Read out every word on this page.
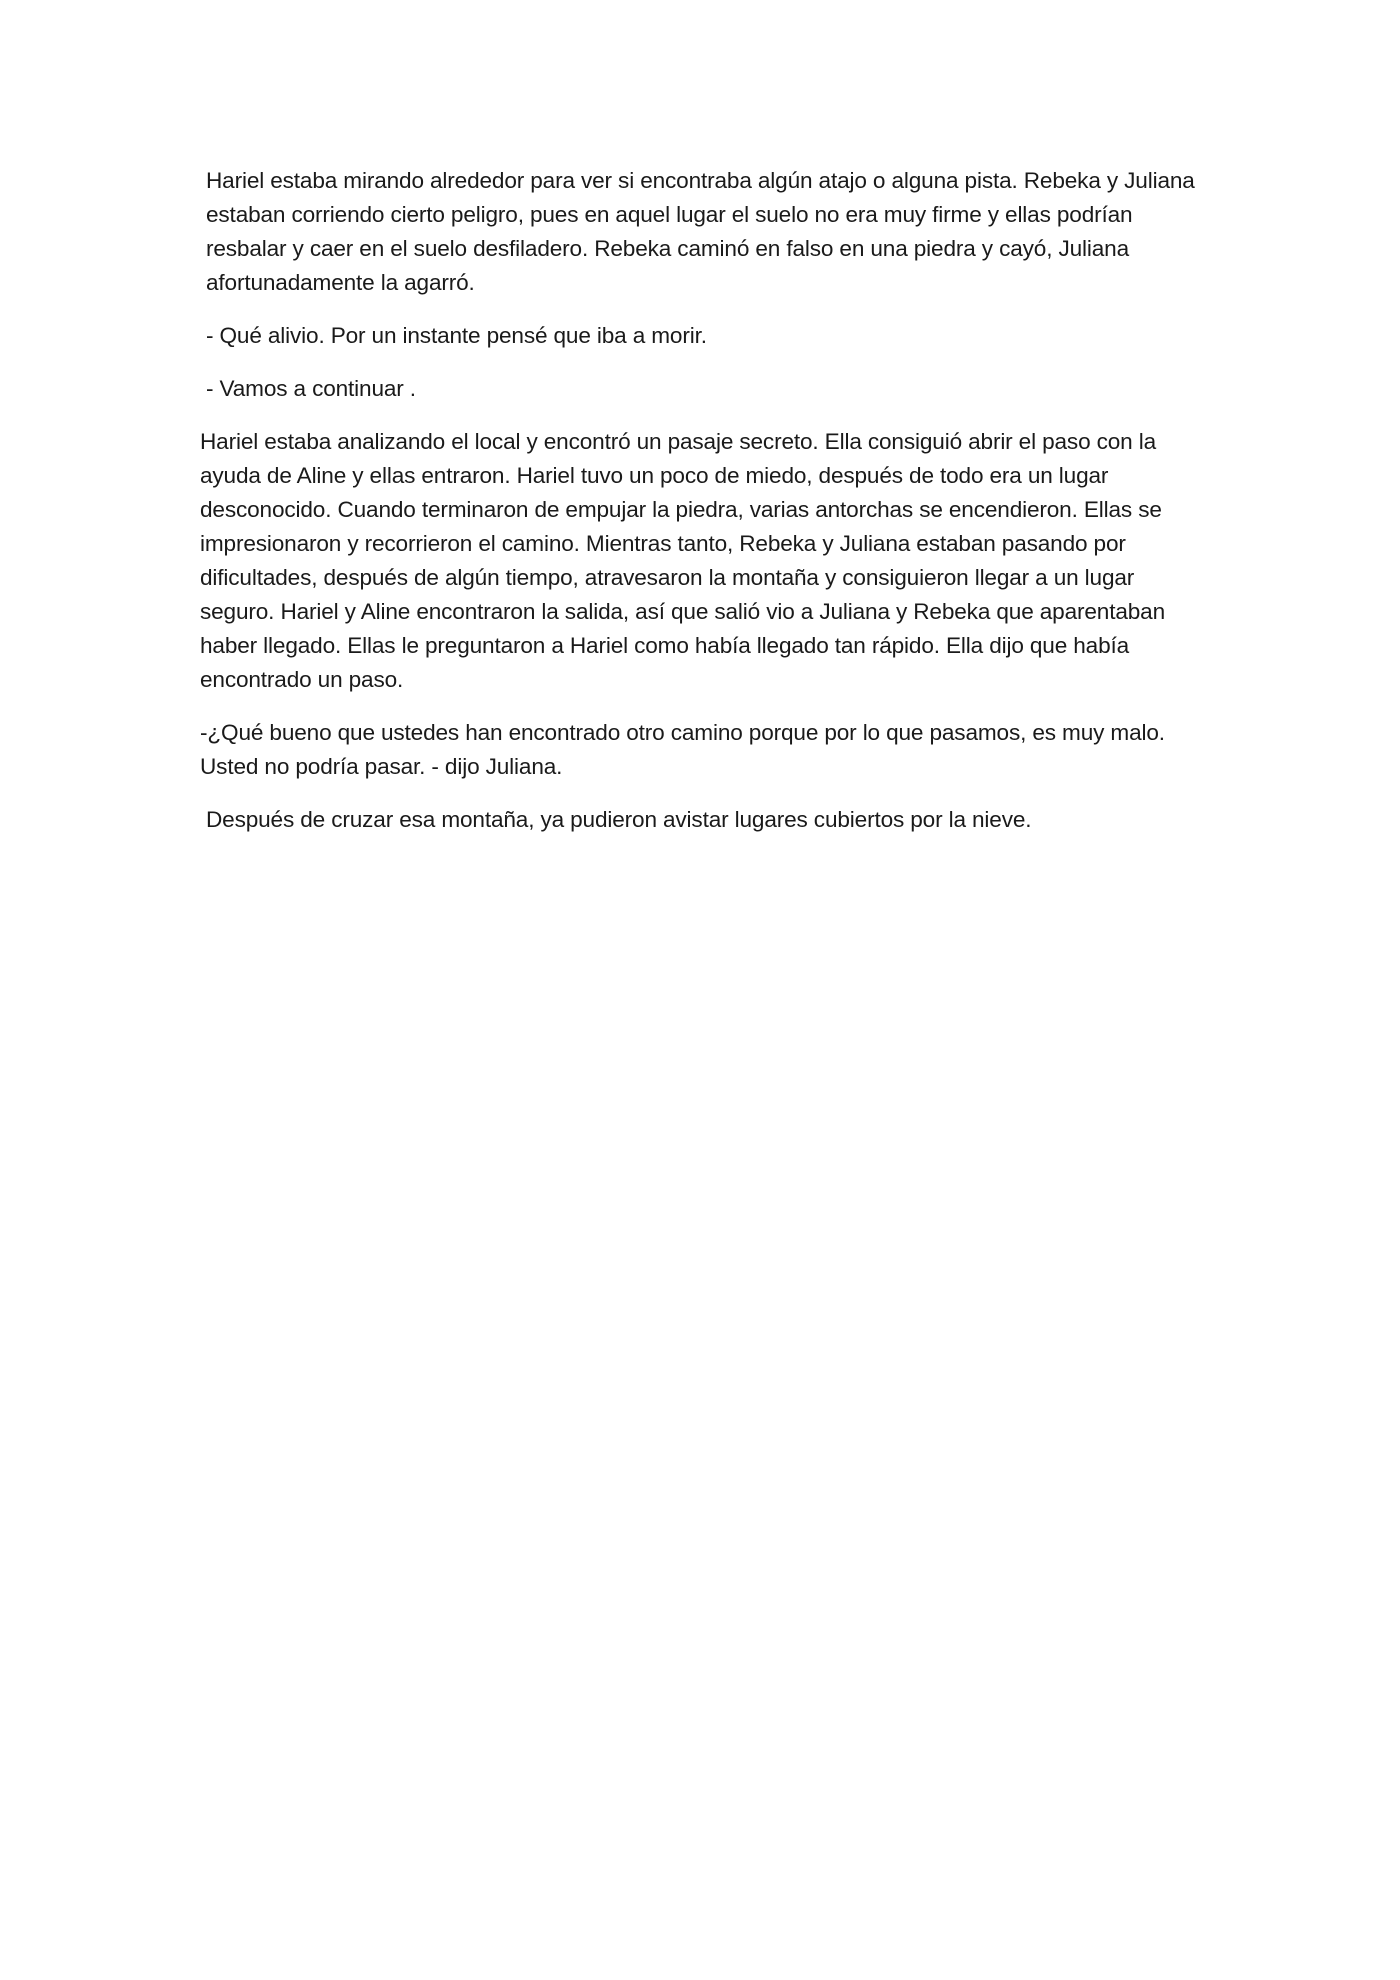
Hariel estaba mirando alrededor para ver si encontraba algún atajo o alguna pista. Rebeka y Juliana estaban corriendo cierto peligro, pues en aquel lugar el suelo no era muy firme y ellas podrían resbalar y caer en el suelo desfiladero. Rebeka caminó en falso en una piedra y cayó, Juliana afortunadamente la agarró.

- Qué alivio. Por un instante pensé que iba a morir.

- Vamos a continuar .

Hariel estaba analizando el local y encontró un pasaje secreto. Ella consiguió abrir el paso con la ayuda de Aline y ellas entraron. Hariel tuvo un poco de miedo, después de todo era un lugar desconocido. Cuando terminaron de empujar la piedra, varias antorchas se encendieron. Ellas se impresionaron y recorrieron el camino. Mientras tanto, Rebeka y Juliana estaban pasando por dificultades, después de algún tiempo, atravesaron la montaña y consiguieron llegar a un lugar seguro. Hariel y Aline encontraron la salida, así que salió vio a Juliana y Rebeka que aparentaban haber llegado. Ellas le preguntaron a Hariel como había llegado tan rápido. Ella dijo que había encontrado un paso.

-¿Qué bueno que ustedes han encontrado otro camino porque por lo que pasamos, es muy malo. Usted no podría pasar. - dijo Juliana.

Después de cruzar esa montaña, ya pudieron avistar lugares cubiertos por la nieve.
